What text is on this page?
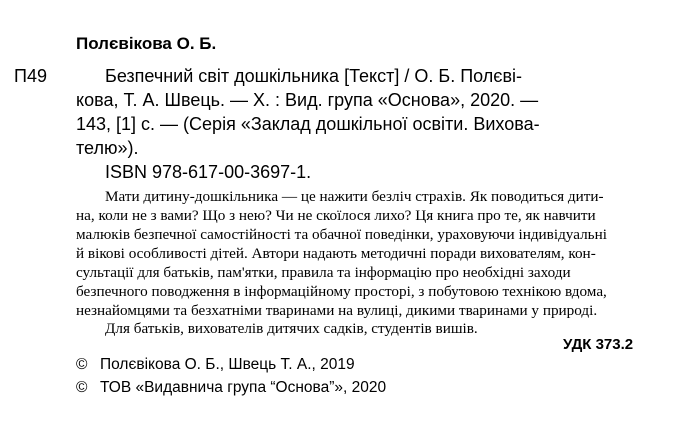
Полєвікова О. Б.
П49	Безпечний світ дошкільника [Текст] / О. Б. Полєві-
кова, Т. А. Швець. — Х. : Вид. група «Основа», 2020. —
143, [1] с. — (Серія «Заклад дошкільної освіти. Вихова-
телю»).
ISBN 978-617-00-3697-1.
Мати дитину-дошкільника — це нажити безліч страхів. Як поводиться дити-
на, коли не з вами? Що з нею? Чи не скоїлося лихо? Ця книга про те, як навчити
малюків безпечної самостійності та обачної поведінки, ураховуючи індивідуальні
й вікові особливості дітей. Автори надають методичні поради вихователям, кон-
сультації для батьків, пам'ятки, правила та інформацію про необхідні заходи
безпечного поводження в інформаційному просторі, з побутовою технікою вдома,
незнайомцями та безхатніми тваринами на вулиці, дикими тваринами у природі.
Для батьків, вихователів дитячих садків, студентів вишів.
УДК 373.2
© Полєвікова О. Б., Швець Т. А., 2019
© ТОВ «Видавнича група “Основа”», 2020
